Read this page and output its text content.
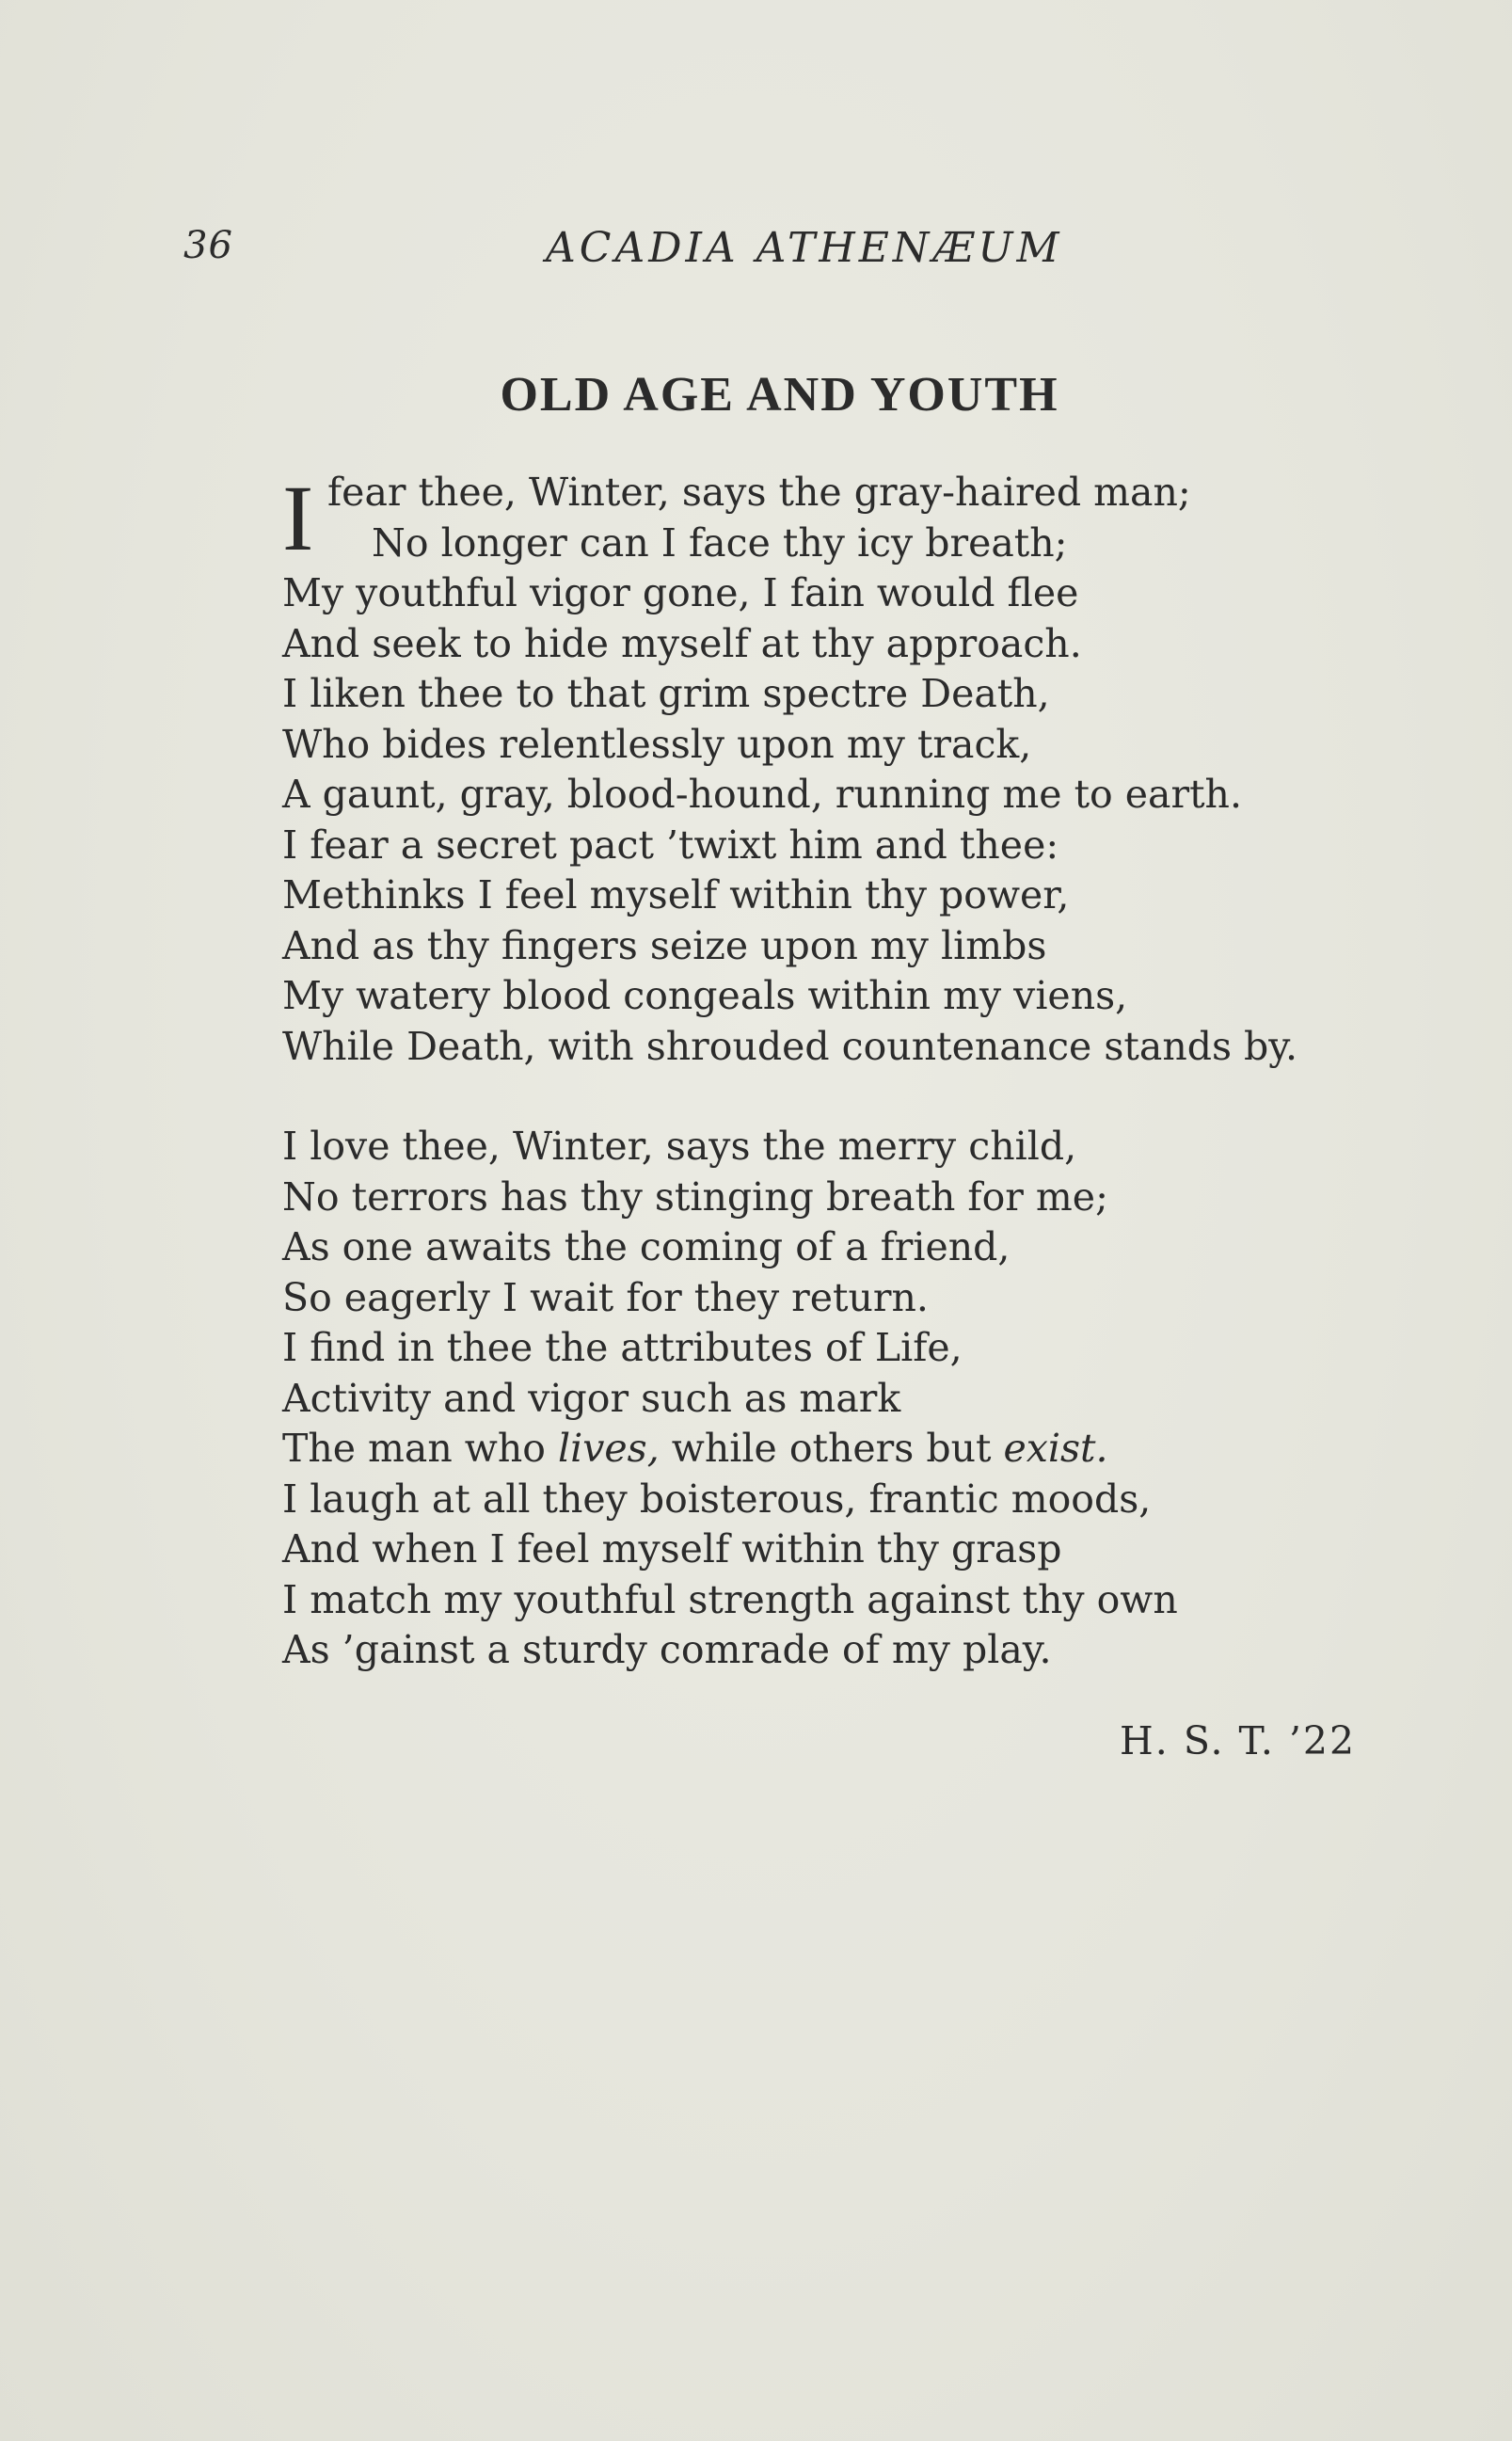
36	ACADIA ATHENÆUM
OLD AGE AND YOUTH
I fear thee, Winter, says the gray-haired man;
No longer can I face thy icy breath;
My youthful vigor gone, I fain would flee
And seek to hide myself at thy approach.
I liken thee to that grim spectre Death,
Who bides relentlessly upon my track,
A gaunt, gray, blood-hound, running me to earth.
I fear a secret pact ’twixt him and thee:
Methinks I feel myself within thy power,
And as thy fingers seize upon my limbs
My watery blood congeals within my viens,
While Death, with shrouded countenance stands by.
I love thee, Winter, says the merry child,
No terrors has thy stinging breath for me;
As one awaits the coming of a friend,
So eagerly I wait for they return.
I find in thee the attributes of Life,
Activity and vigor such as mark
The man who lives, while others but exist.
I laugh at all they boisterous, frantic moods,
And when I feel myself within thy grasp
I match my youthful strength against thy own
As ’gainst a sturdy comrade of my play.
H. S. T. ’22
